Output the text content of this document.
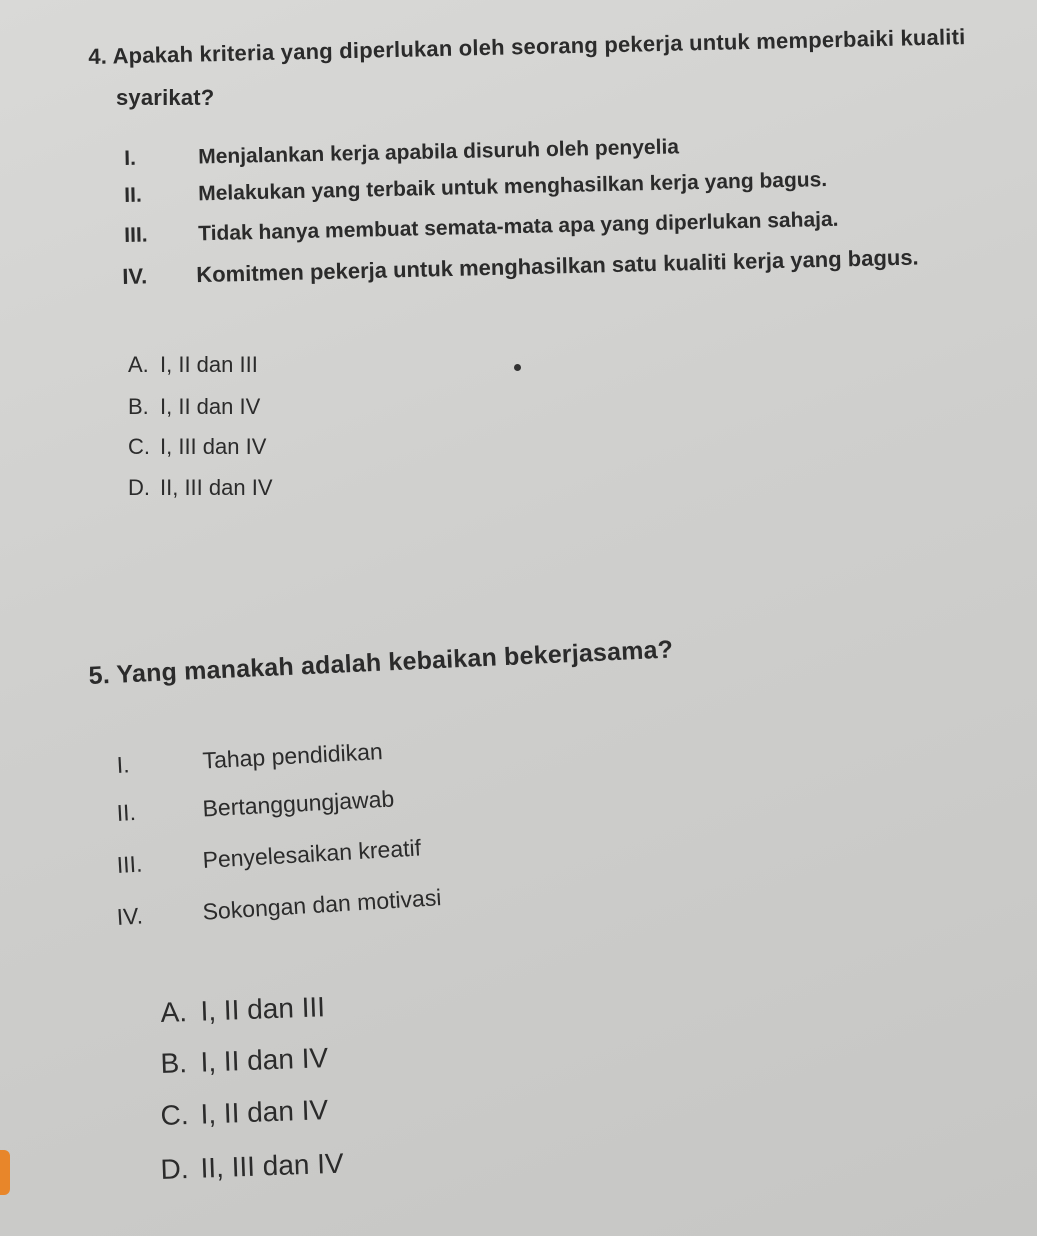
4. Apakah kriteria yang diperlukan oleh seorang pekerja untuk memperbaiki kualiti
syarikat?
I.	Menjalankan kerja apabila disuruh oleh penyelia
II.	Melakukan yang terbaik untuk menghasilkan kerja yang bagus.
III. Tidak hanya membuat semata-mata apa yang diperlukan sahaja.
IV. Komitmen pekerja untuk menghasilkan satu kualiti kerja yang bagus.
A. I, II dan III
B. I, II dan IV
C. I, III dan IV
D. II, III dan IV
5. Yang manakah adalah kebaikan bekerjasama?
I.	Tahap pendidikan
II.	Bertanggungjawab
III.	Penyelesaikan kreatif
IV.	Sokongan dan motivasi
A. I, II dan III
B. I, II dan IV
C. I, II dan IV
D. II, III dan IV
